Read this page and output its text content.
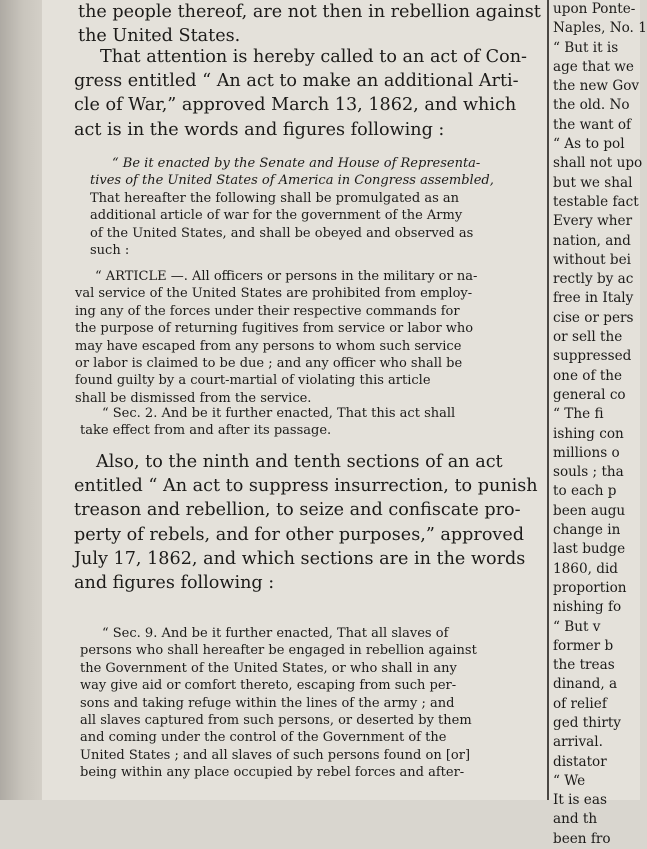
the people thereof, are not then in rebellion against
the United States.
That attention is hereby called to an act of Con-
gress entitled “ An act to make an additional Arti-
cle of War,” approved March 13, 1862, and which
act is in the words and figures following :
“ Be it enacted by the Senate and House of Representa-
tives of the United States of America in Congress assembled,
That hereafter the following shall be promulgated as an
additional article of war for the government of the Army
of the United States, and shall be obeyed and observed as
such :
“ ARTICLE —. All officers or persons in the military or na-
val service of the United States are prohibited from employ-
ing any of the forces under their respective commands for
the purpose of returning fugitives from service or labor who
may have escaped from any persons to whom such service
or labor is claimed to be due ; and any officer who shall be
found guilty by a court-martial of violating this article
shall be dismissed from the service.
“ Sec. 2. And be it further enacted, That this act shall
take effect from and after its passage.
Also, to the ninth and tenth sections of an act
entitled “ An act to suppress insurrection, to punish
treason and rebellion, to seize and confiscate pro-
perty of rebels, and for other purposes,” approved
July 17, 1862, and which sections are in the words
and figures following :
“ Sec. 9. And be it further enacted, That all slaves of
persons who shall hereafter be engaged in rebellion against
the Government of the United States, or who shall in any
way give aid or comfort thereto, escaping from such per-
sons and taking refuge within the lines of the army ; and
all slaves captured from such persons, or deserted by them
and coming under the control of the Government of the
United States ; and all slaves of such persons found on [or]
being within any place occupied by rebel forces and after-
upon Ponte-
Naples, No. 1
“ But it is
age that we
the new Gov
the old. No
the want of
“ As to pol
shall not upo
but we shal
testable fact
Every wher
nation, and
without bei
rectly by ac
free in Italy
cise or pers
or sell the
suppressed
one of the
general co
“ The fi
ishing con
millions o
souls ; tha
to each p
been augu
change in
last budge
1860, did
proportion
nishing fo
“ But v
former b
the treas
dinand, a
of relief
ged thirty
arrival.
distator
“ We
It is eas
and th
been fro
